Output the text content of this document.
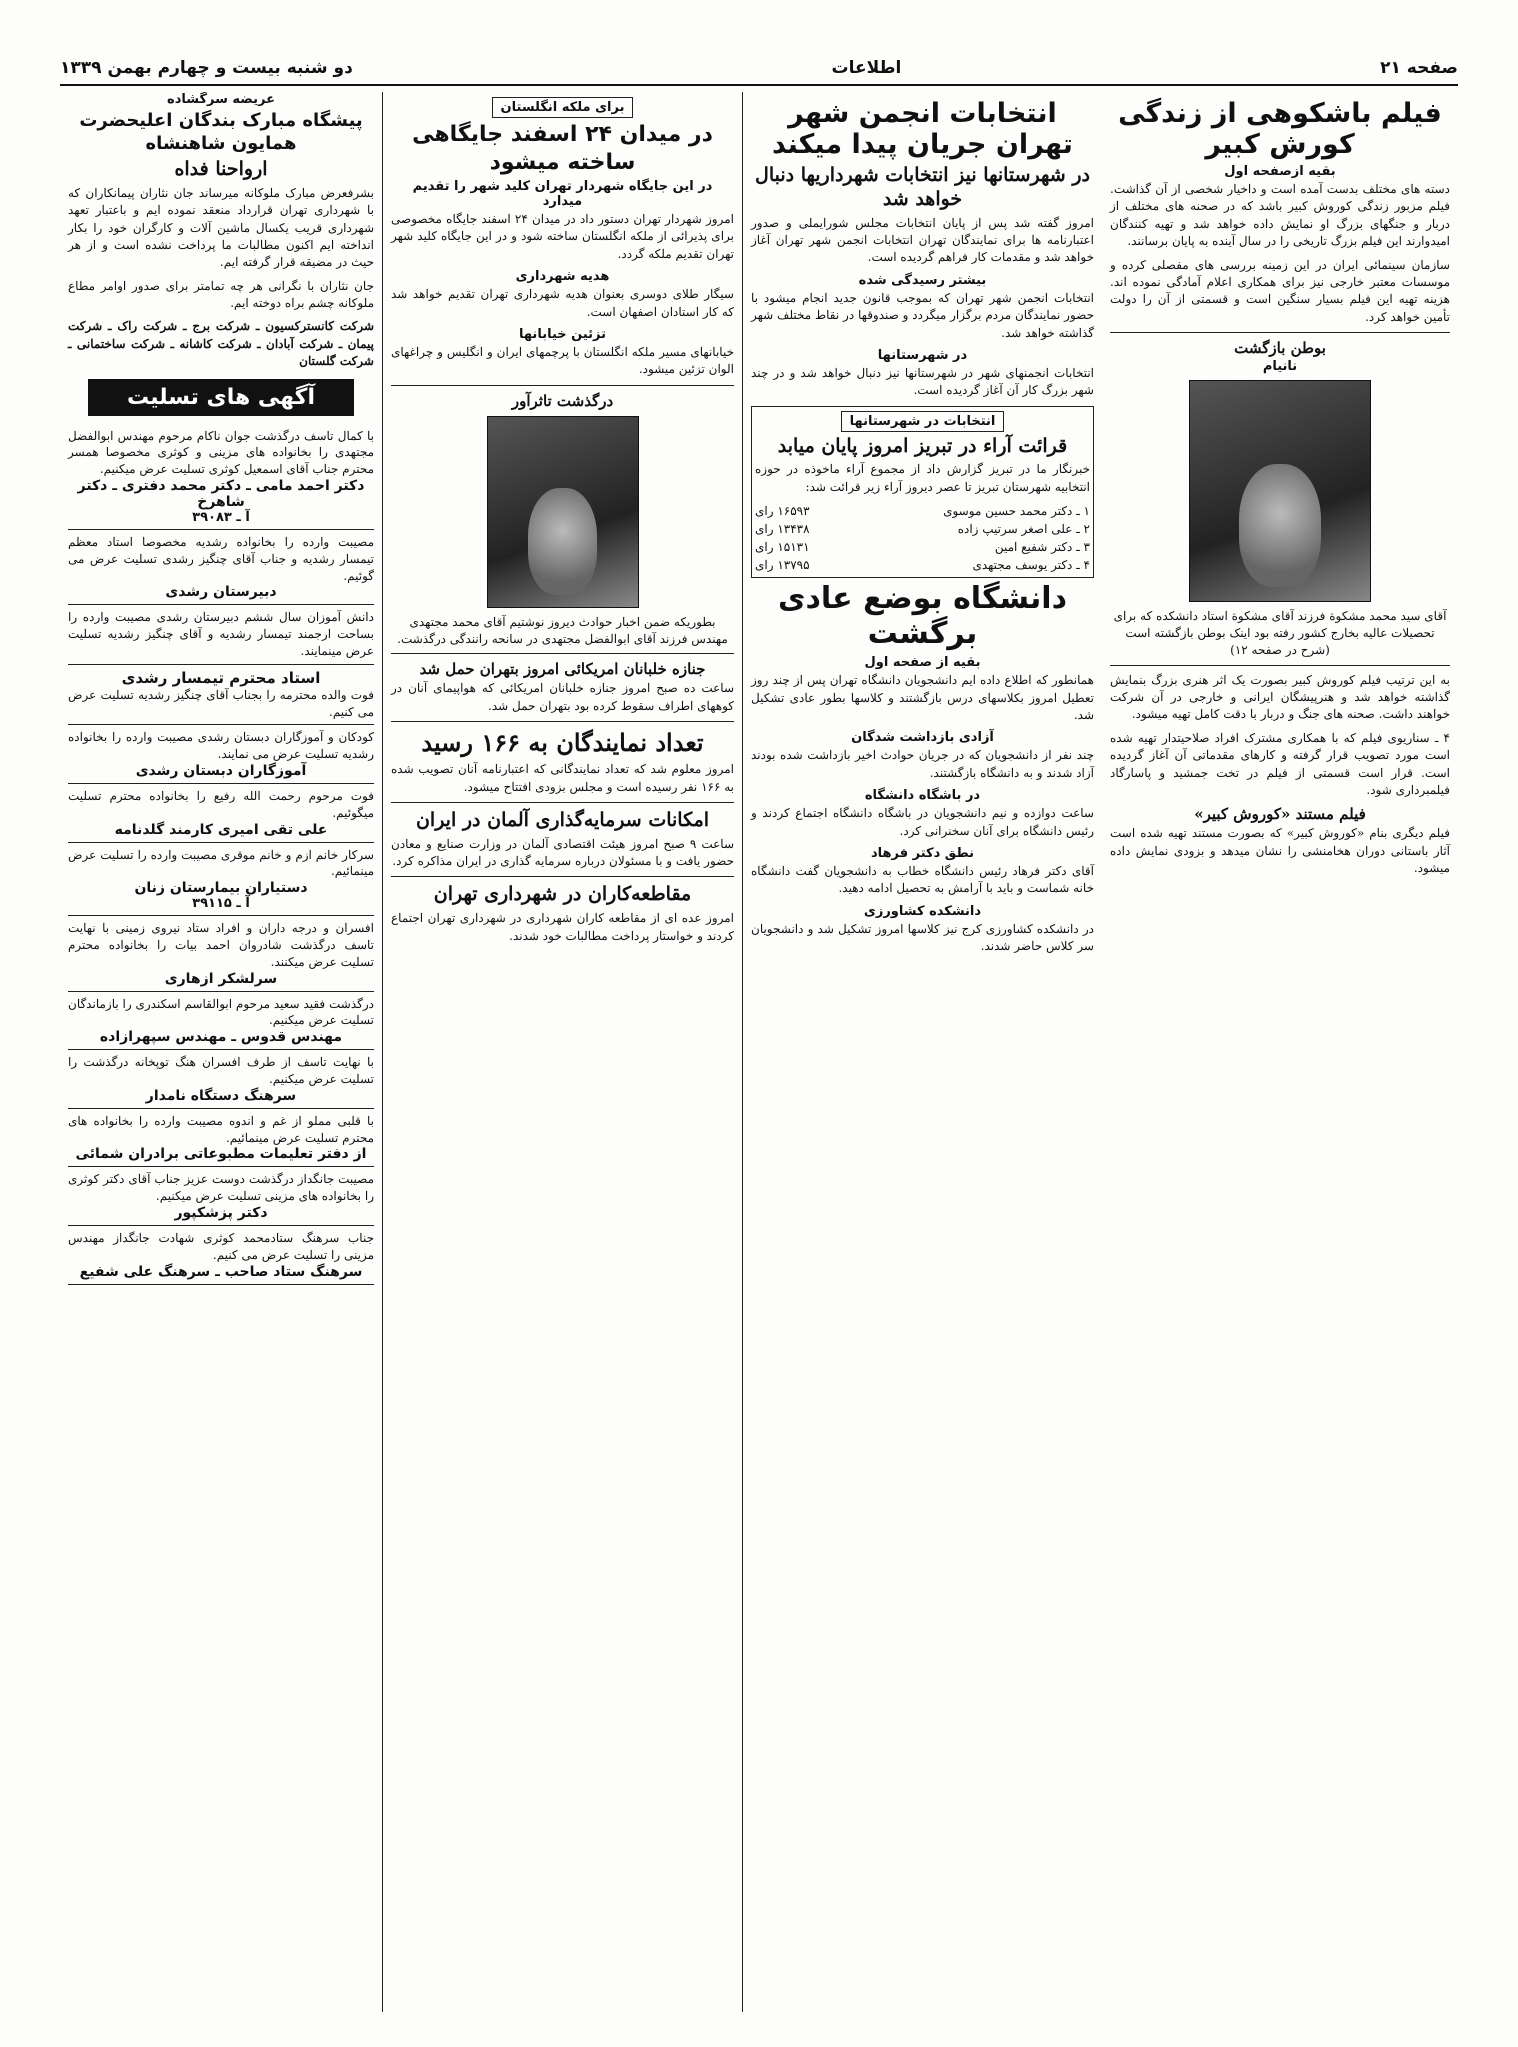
صفحه ۲۱
اطلاعات
دو شنبه بیست و چهارم بهمن ۱۳۳۹
فیلم باشکوهی از زندگی کورش کبیر
بقیه ازصفحه اول

دسته های مختلف بدست آمده است و داخیار شخصی از آن گذاشت. فیلم مزبور زندگی کوروش کبیر باشد که در صحنه های مختلف از دربار و جنگهای بزرگ او نمایش داده خواهد شد و تهیه کنندگان امیدوارند این فیلم بزرگ تاریخی را در سال آینده به پایان برسانند.

سازمان سینمائی ایران در این زمینه بررسی های مفصلی کرده و موسسات معتبر خارجی نیز برای همکاری اعلام آمادگی نموده اند. هزینه تهیه این فیلم بسیار سنگین است و قسمتی از آن را دولت تأمین خواهد کرد.

بوطن بازگشت
نانیام

آقای سید محمد مشکوة فرزند آقای مشکوة استاد دانشکده که برای تحصیلات عالیه بخارج کشور رفته بود اینک بوطن بازگشته است (شرح در صفحه ۱۲)

به این ترتیب فیلم کوروش کبیر بصورت یک اثر هنری بزرگ بنمایش گذاشته خواهد شد و هنرپیشگان ایرانی و خارجی در آن شرکت خواهند داشت. صحنه های جنگ و دربار با دقت کامل تهیه میشود.

۴ ـ سناریوی فیلم که با همکاری مشترک افراد صلاحیتدار تهیه شده است مورد تصویب قرار گرفته و کارهای مقدماتی آن آغاز گردیده است. قرار است قسمتی از فیلم در تخت جمشید و پاسارگاد فیلمبرداری شود.

فیلم مستند «کوروش کبیر»

فیلم دیگری بنام «کوروش کبیر» که بصورت مستند تهیه شده است آثار باستانی دوران هخامنشی را نشان میدهد و بزودی نمایش داده میشود.

انتخابات انجمن شهر تهران جریان پیدا میکند
در شهرستانها نیز انتخابات شهرداریها دنبال خواهد شد

امروز گفته شد پس از پایان انتخابات مجلس شورایملی و صدور اعتبارنامه ها برای نمایندگان تهران انتخابات انجمن شهر تهران آغاز خواهد شد و مقدمات کار فراهم گردیده است.

بیشتر رسیدگی شده

انتخابات انجمن شهر تهران که بموجب قانون جدید انجام میشود با حضور نمایندگان مردم برگزار میگردد و صندوقها در نقاط مختلف شهر گذاشته خواهد شد.

در شهرستانها

انتخابات انجمنهای شهر در شهرستانها نیز دنبال خواهد شد و در چند شهر بزرگ کار آن آغاز گردیده است.

انتخابات در شهرستانها
قرائت آراء در تبریز امروز پایان میابد

خبرنگار ما در تبریز گزارش داد از مجموع آراء ماخوذه در حوزه انتخابیه شهرستان تبریز تا عصر دیروز آراء زیر قرائت شد:

۱ ـ دکتر محمد حسین موسوی
۱۶۵۹۳ رای
۲ ـ علی اصغر سرتیپ زاده
۱۳۴۳۸ رای
۳ ـ دکتر شفیع امین
۱۵۱۳۱ رای
۴ ـ دکتر یوسف مجتهدی
۱۳۷۹۵ رای
دانشگاه بوضع عادی برگشت
بقیه از صفحه اول

همانطور که اطلاع داده ایم دانشجویان دانشگاه تهران پس از چند روز تعطیل امروز بکلاسهای درس بازگشتند و کلاسها بطور عادی تشکیل شد.

آزادی بازداشت شدگان

چند نفر از دانشجویان که در جریان حوادث اخیر بازداشت شده بودند آزاد شدند و به دانشگاه بازگشتند.

در باشگاه دانشگاه

ساعت دوازده و نیم دانشجویان در باشگاه دانشگاه اجتماع کردند و رئیس دانشگاه برای آنان سخنرانی کرد.

نطق دکتر فرهاد

آقای دکتر فرهاد رئیس دانشگاه خطاب به دانشجویان گفت دانشگاه خانه شماست و باید با آرامش به تحصیل ادامه دهید.

دانشکده کشاورزی

در دانشکده کشاورزی کرج نیز کلاسها امروز تشکیل شد و دانشجویان سر کلاس حاضر شدند.

برای ملکه انگلستان
در میدان ۲۴ اسفند جایگاهی ساخته میشود
در این جایگاه شهردار تهران کلید شهر را تقدیم میدارد

امروز شهردار تهران دستور داد در میدان ۲۴ اسفند جایگاه مخصوصی برای پذیرائی از ملکه انگلستان ساخته شود و در این جایگاه کلید شهر تهران تقدیم ملکه گردد.

هدیه شهرداری

سیگار طلای دوسری بعنوان هدیه شهرداری تهران تقدیم خواهد شد که کار استادان اصفهان است.

تزئین خیابانها

خیابانهای مسیر ملکه انگلستان با پرچمهای ایران و انگلیس و چراغهای الوان تزئین میشود.

درگذشت تاثرآور

بطوریکه ضمن اخبار حوادث دیروز نوشتیم آقای محمد مجتهدی مهندس فرزند آقای ابوالفضل مجتهدی در سانحه رانندگی درگذشت.

جنازه خلبانان امریکائی امروز بتهران حمل شد

ساعت ده صبح امروز جنازه خلبانان امریکائی که هواپیمای آنان در کوههای اطراف سقوط کرده بود بتهران حمل شد.

تعداد نمایندگان به ۱۶۶ رسید

امروز معلوم شد که تعداد نمایندگانی که اعتبارنامه آنان تصویب شده به ۱۶۶ نفر رسیده است و مجلس بزودی افتتاح میشود.

امکانات سرمایه‌گذاری آلمان در ایران

ساعت ۹ صبح امروز هیئت اقتصادی آلمان در وزارت صنایع و معادن حضور یافت و با مسئولان درباره سرمایه گذاری در ایران مذاکره کرد.

مقاطعه‌کاران در شهرداری تهران

امروز عده ای از مقاطعه کاران شهرداری در شهرداری تهران اجتماع کردند و خواستار پرداخت مطالبات خود شدند.

عریضه سرگشاده
پیشگاه مبارک بندگان اعلیحضرت همایون شاهنشاه
ارواحنا فداه

بشرفعرض مبارک ملوکانه میرساند جان نثاران پیمانکاران که با شهرداری تهران قرارداد منعقد نموده ایم و باعتبار تعهد شهرداری قریب یکسال ماشین آلات و کارگران خود را بکار انداخته ایم اکنون مطالبات ما پرداخت نشده است و از هر حیث در مضیقه قرار گرفته ایم.

جان نثاران با نگرانی هر چه تمامتر برای صدور اوامر مطاع ملوکانه چشم براه دوخته ایم.

شرکت کانسترکسیون ـ شرکت برج ـ شرکت راک ـ شرکت پیمان ـ شرکت آبادان ـ شرکت کاشانه ـ شرکت ساختمانی ـ شرکت گلستان

آگهی های تسلیت
با کمال تاسف درگذشت جوان ناکام مرحوم مهندس ابوالفضل مجتهدی را بخانواده های مزینی و کوثری مخصوصا همسر محترم جناب آقای اسمعیل کوثری تسلیت عرض میکنیم.
دکتر احمد مامی ـ دکتر محمد دفتری ـ دکتر شاهرخ
آ ـ ۳۹۰۸۳
مصیبت وارده را بخانواده رشدیه مخصوصا استاد معظم تیمسار رشدیه و جناب آقای چنگیز رشدی تسلیت عرض می گوئیم.
دبیرستان رشدی
دانش آموزان سال ششم دبیرستان رشدی مصیبت وارده را بساحت ارجمند تیمسار رشدیه و آقای چنگیز رشدیه تسلیت عرض مینمایند.
استاد محترم تیمسار رشدی
فوت والده محترمه را بجناب آقای چنگیز رشدیه تسلیت عرض می کنیم.
کودکان و آموزگاران دبستان رشدی مصیبت وارده را بخانواده رشدیه تسلیت عرض می نمایند.
آموزگاران دبستان رشدی
فوت مرحوم رحمت الله رفیع را بخانواده محترم تسلیت میگوئیم.
علی تقی امیری کارمند گلدنامه
سرکار خانم ازم و خانم موقری مصیبت وارده را تسلیت عرض مینمائیم.
دستیاران بیمارستان زنان
آ ـ ۳۹۱۱۵
افسران و درجه داران و افراد ستاد نیروی زمینی با نهایت تاسف درگذشت شادروان احمد بیات را بخانواده محترم تسلیت عرض میکنند.
سرلشکر ازهاری
درگذشت فقید سعید مرحوم ابوالقاسم اسکندری را بازماندگان تسلیت عرض میکنیم.
مهندس قدوس ـ مهندس سپهرازاده
با نهایت تاسف از طرف افسران هنگ توپخانه درگذشت را تسلیت عرض میکنیم.
سرهنگ دستگاه نامدار
با قلبی مملو از غم و اندوه مصیبت وارده را بخانواده های محترم تسلیت عرض مینمائیم.
از دفتر تعلیمات مطبوعاتی برادران شمائی
مصیبت جانگداز درگذشت دوست عزیز جناب آقای دکتر کوثری را بخانواده های مزینی تسلیت عرض میکنیم.
دکتر پزشکپور
جناب سرهنگ ستادمحمد کوثری شهادت جانگداز مهندس مزینی را تسلیت عرض می کنیم.
سرهنگ ستاد صاحب ـ سرهنگ علی شفیع
